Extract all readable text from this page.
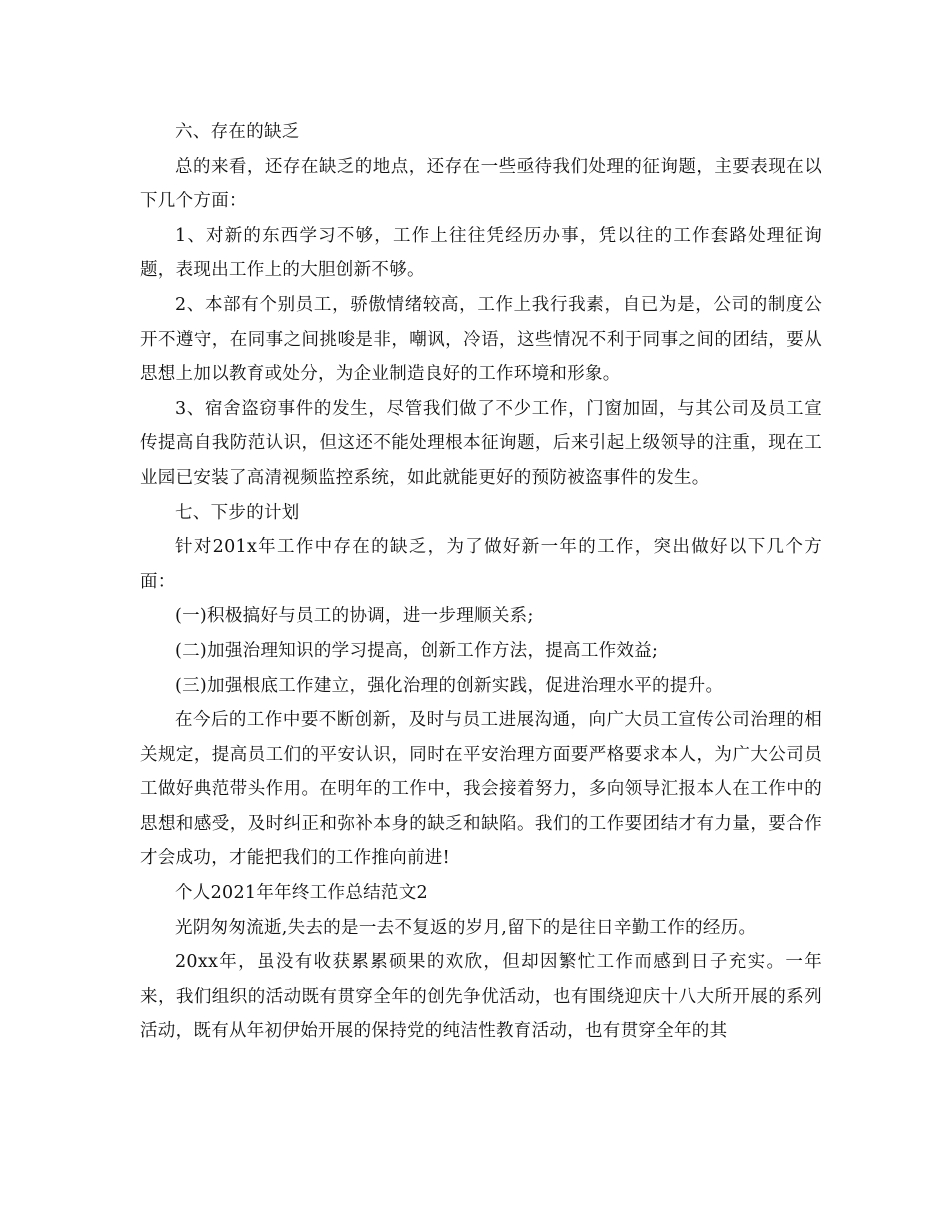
六、存在的缺乏

总的来看，还存在缺乏的地点，还存在一些亟待我们处理的征询题，主要表现在以下几个方面：

1、对新的东西学习不够，工作上往往凭经历办事，凭以往的工作套路处理征询题，表现出工作上的大胆创新不够。

2、本部有个别员工，骄傲情绪较高，工作上我行我素，自已为是，公司的制度公开不遵守，在同事之间挑唆是非，嘲讽，冷语，这些情况不利于同事之间的团结，要从思想上加以教育或处分，为企业制造良好的工作环境和形象。

3、宿舍盗窃事件的发生，尽管我们做了不少工作，门窗加固，与其公司及员工宣传提高自我防范认识，但这还不能处理根本征询题，后来引起上级领导的注重，现在工业园已安装了高清视频监控系统，如此就能更好的预防被盗事件的发生。

七、下步的计划

针对201x年工作中存在的缺乏，为了做好新一年的工作，突出做好以下几个方面：

(一)积极搞好与员工的协调，进一步理顺关系;

(二)加强治理知识的学习提高，创新工作方法，提高工作效益;

(三)加强根底工作建立，强化治理的创新实践，促进治理水平的提升。

在今后的工作中要不断创新，及时与员工进展沟通，向广大员工宣传公司治理的相关规定，提高员工们的平安认识，同时在平安治理方面要严格要求本人，为广大公司员工做好典范带头作用。在明年的工作中，我会接着努力，多向领导汇报本人在工作中的思想和感受，及时纠正和弥补本身的缺乏和缺陷。我们的工作要团结才有力量，要合作才会成功，才能把我们的工作推向前进!

个人2021年年终工作总结范文2

光阴匆匆流逝,失去的是一去不复返的岁月,留下的是往日辛勤工作的经历。

20xx年，虽没有收获累累硕果的欢欣，但却因繁忙工作而感到日子充实。一年来，我们组织的活动既有贯穿全年的创先争优活动，也有围绕迎庆十八大所开展的系列活动，既有从年初伊始开展的保持党的纯洁性教育活动，也有贯穿全年的其
